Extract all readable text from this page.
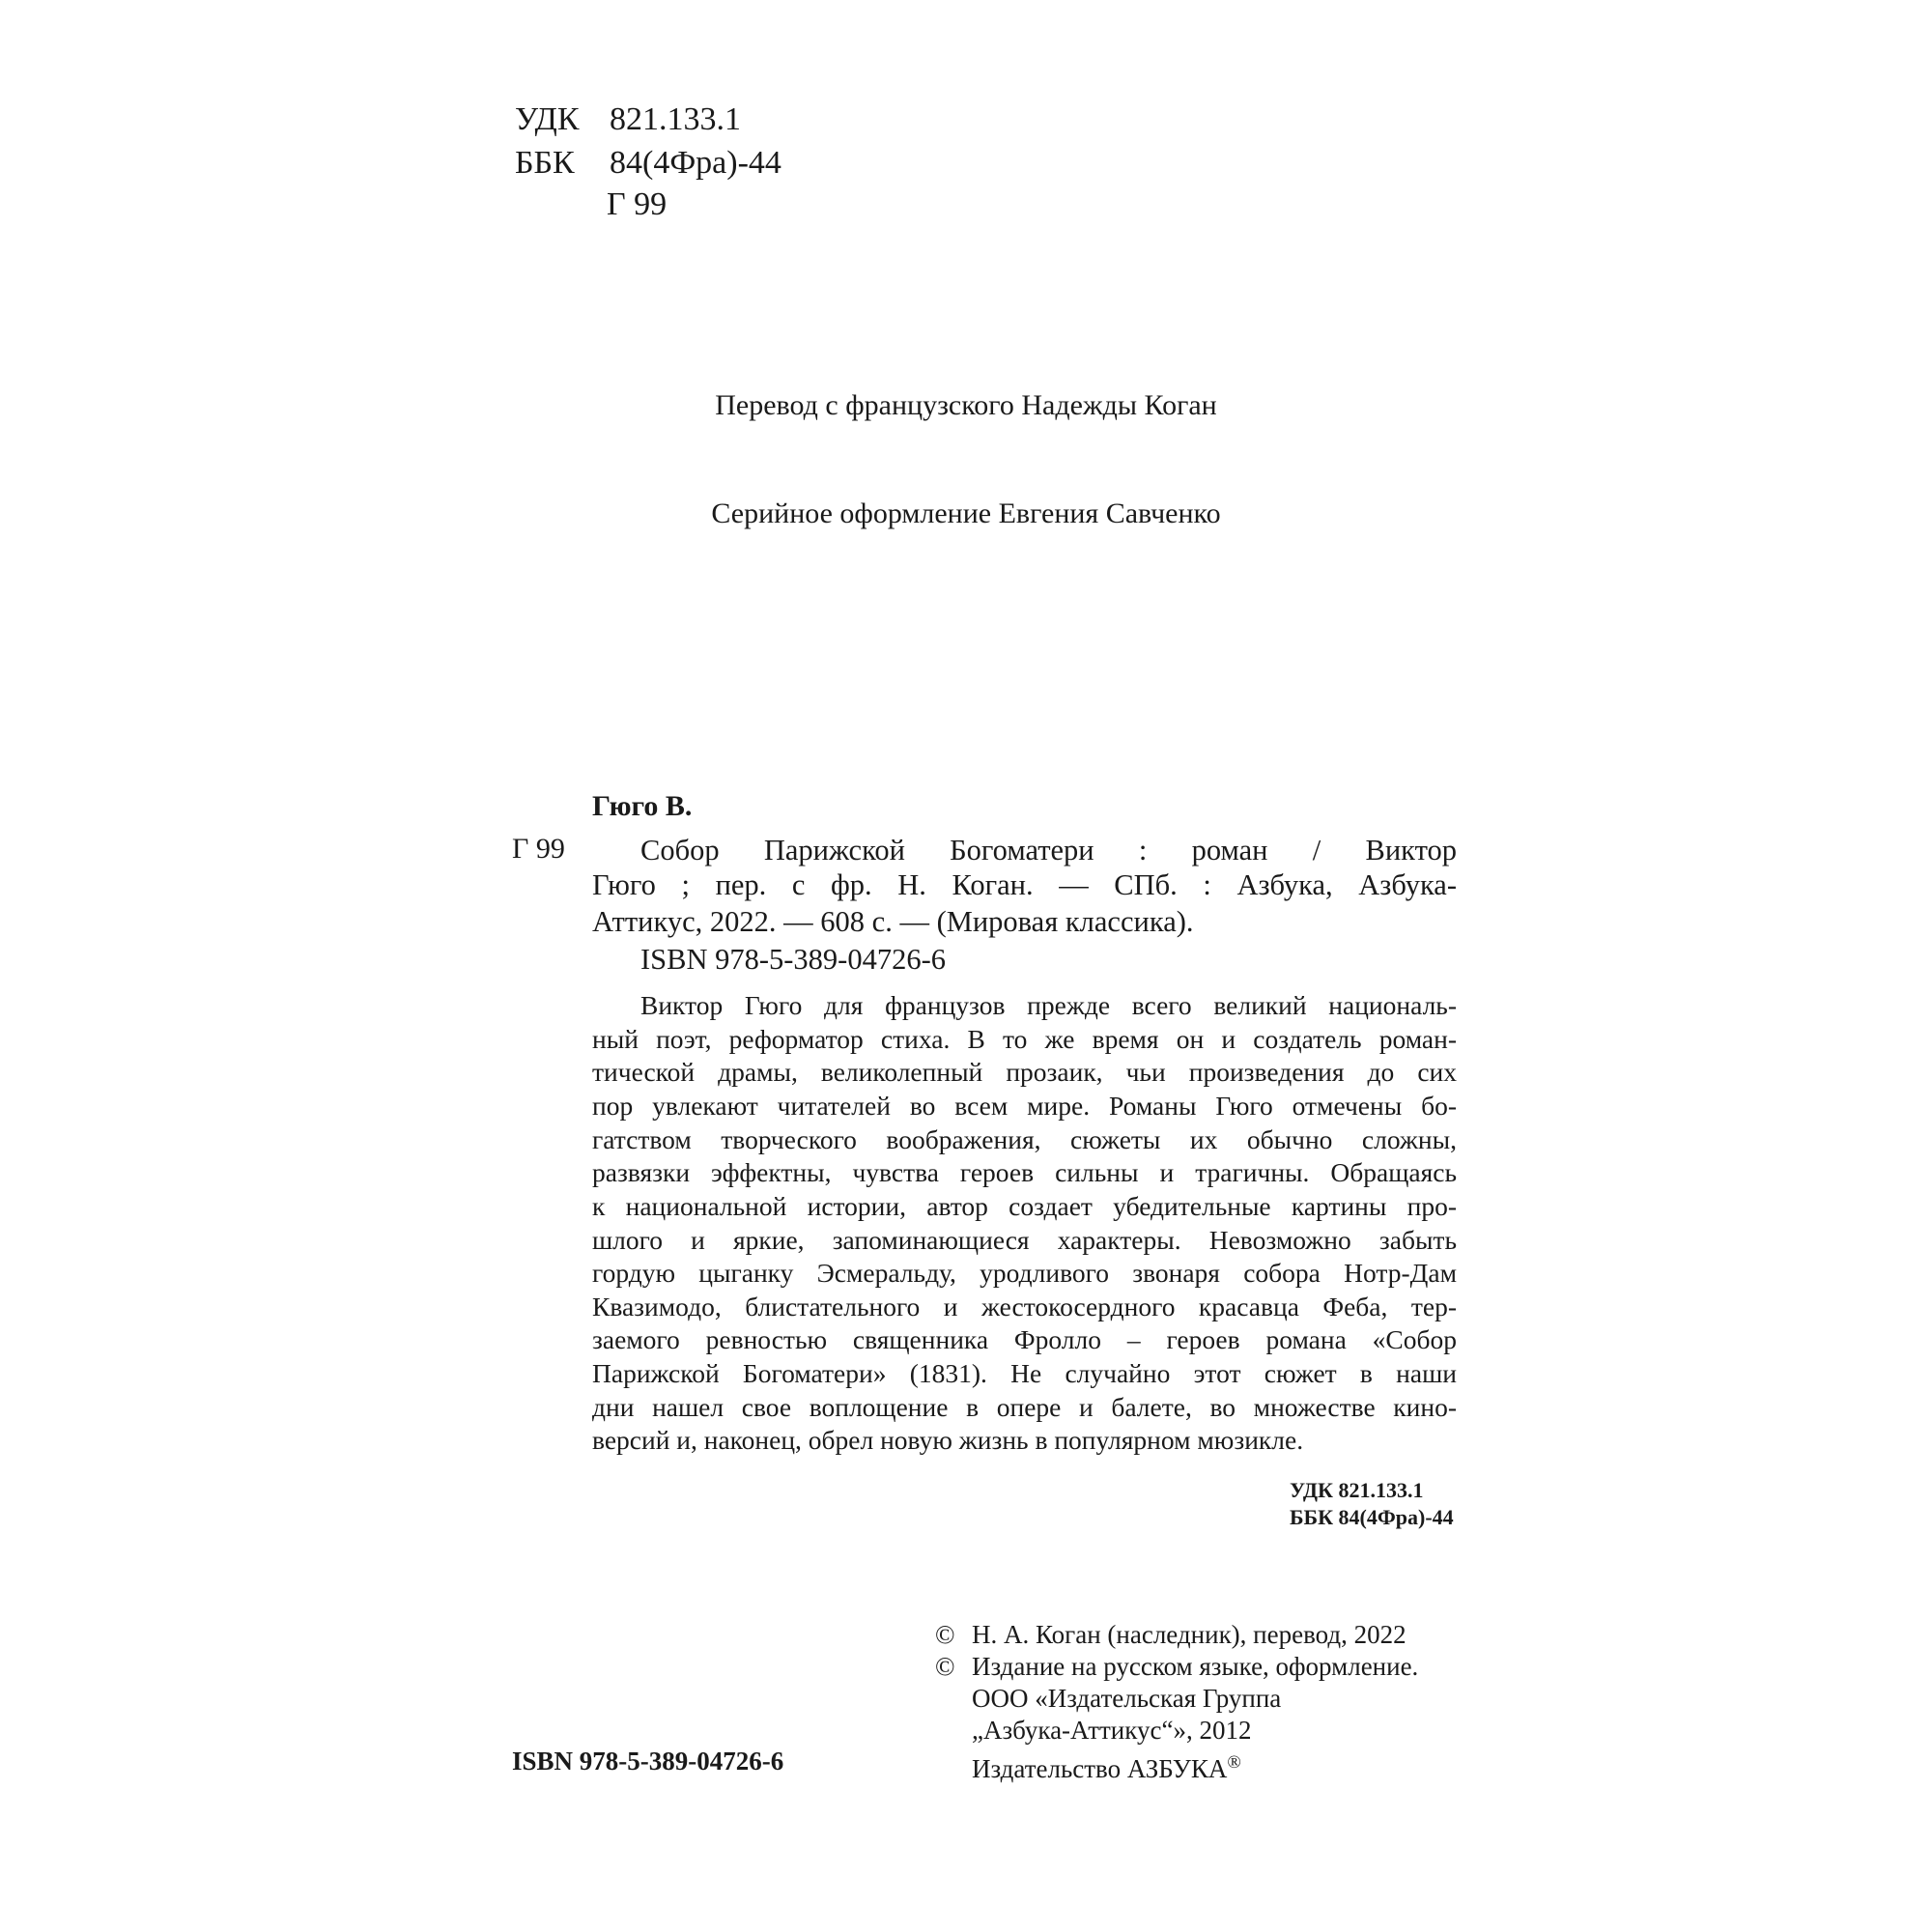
УДК 821.133.1
ББК 84(4Фра)-44
Г 99
Перевод с французского Надежды Коган
Серийное оформление Евгения Савченко
Гюго В.
Г 99	Собор Парижской Богоматери : роман / Виктор
Гюго ; пер. с фр. Н. Коган. — СПб. : Азбука, Азбука-
Аттикус, 2022. — 608 с. — (Мировая классика).
ISBN 978-5-389-04726-6
Виктор Гюго для французов прежде всего великий националь-
ный поэт, реформатор стиха. В то же время он и создатель роман-
тической драмы, великолепный прозаик, чьи произведения до сих
пор увлекают читателей во всем мире. Романы Гюго отмечены бо-
гатством творческого воображения, сюжеты их обычно сложны,
развязки эффектны, чувства героев сильны и трагичны. Обращаясь
к национальной истории, автор создает убедительные картины про-
шлого и яркие, запоминающиеся характеры. Невозможно забыть
гордую цыганку Эсмеральду, уродливого звонаря собора Нотр-Дам
Квазимодо, блистательного и жестокосердного красавца Феба, тер-
заемого ревностью священника Фролло – героев романа «Собор
Парижской Богоматери» (1831). Не случайно этот сюжет в наши
дни нашел свое воплощение в опере и балете, во множестве кино-
версий и, наконец, обрел новую жизнь в популярном мюзикле.
УДК 821.133.1
ББК 84(4Фра)-44
© Н. А. Коган (наследник), перевод, 2022
© Издание на русском языке, оформление.
ООО «Издательская Группа
„Азбука-Аттикус“», 2012
Издательство АЗБУКА®
ISBN 978-5-389-04726-6
